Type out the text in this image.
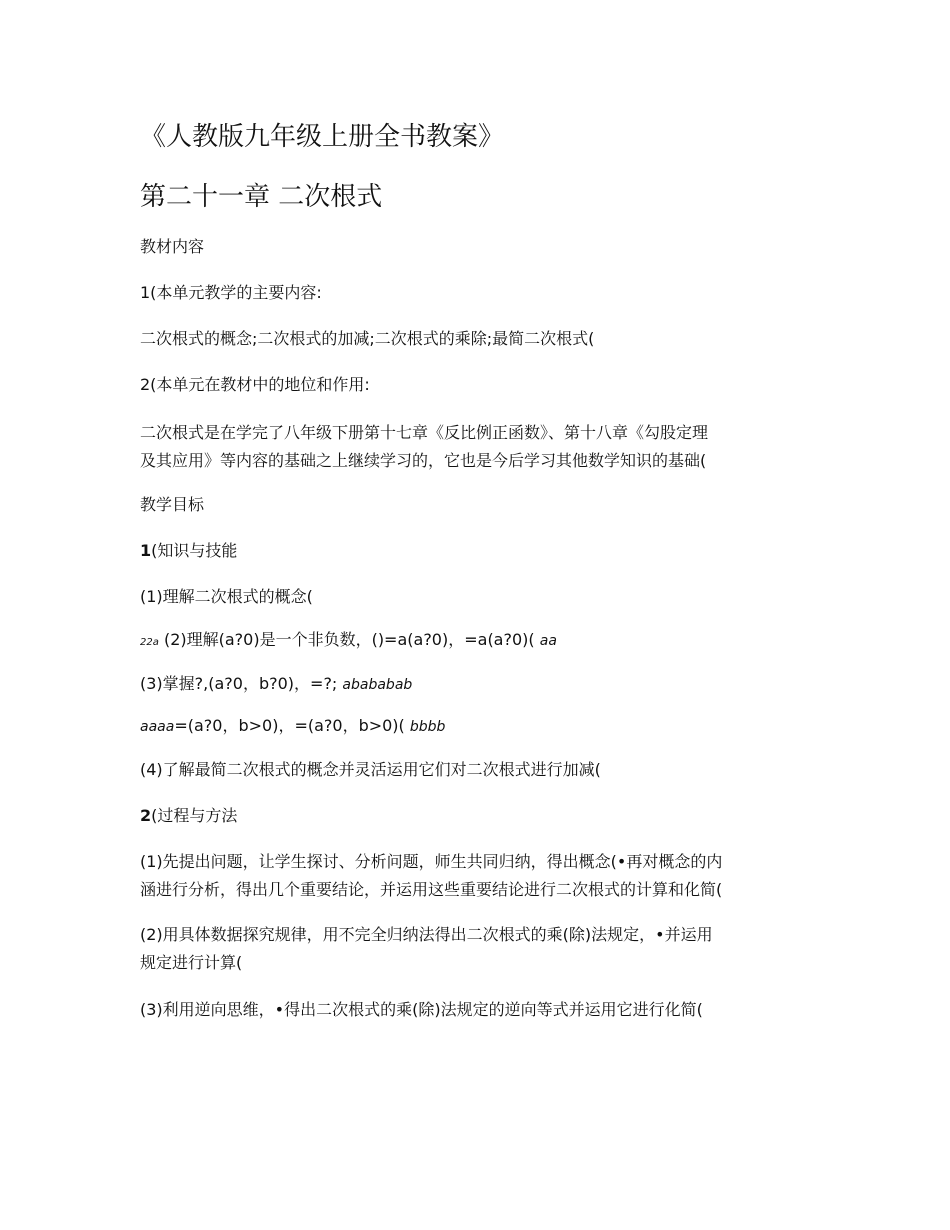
《人教版九年级上册全书教案》
第二十一章 二次根式
教材内容
1(本单元教学的主要内容:
二次根式的概念;二次根式的加减;二次根式的乘除;最简二次根式(
2(本单元在教材中的地位和作用:
二次根式是在学完了八年级下册第十七章《反比例正函数》、第十八章《勾股定理
及其应用》等内容的基础之上继续学习的，它也是今后学习其他数学知识的基础(
教学目标
1(知识与技能
(1)理解二次根式的概念(
22a (2)理解(a?0)是一个非负数，()=a(a?0)，=a(a?0)( aa
(3)掌握?,(a?0，b?0)，=?; abababab
aaaa=(a?0，b>0)，=(a?0，b>0)( bbbb
(4)了解最简二次根式的概念并灵活运用它们对二次根式进行加减(
2(过程与方法
(1)先提出问题，让学生探讨、分析问题，师生共同归纳，得出概念(•再对概念的内
涵进行分析，得出几个重要结论，并运用这些重要结论进行二次根式的计算和化简(
(2)用具体数据探究规律，用不完全归纳法得出二次根式的乘(除)法规定，•并运用
规定进行计算(
(3)利用逆向思维，•得出二次根式的乘(除)法规定的逆向等式并运用它进行化简(
